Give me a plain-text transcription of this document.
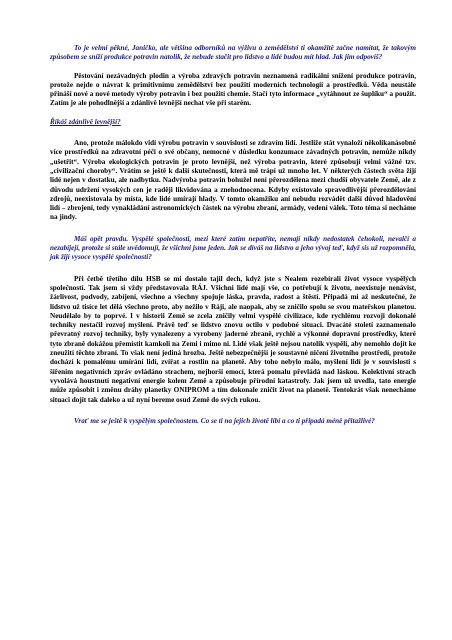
To je velmi pěkné, Janičko, ale většina odborníků na výživu a zemědělství ti okamžitě začne namítat, že takovým způsobem se sníží produkce potravin natolik, že nebude stačit pro lidstvo a lidé budou mít hlad. Jak jim odpovíš?

Pěstování nezávadných plodin a výroba zdravých potravin neznamená radikální snížení produkce potravin, protože nejde o návrat k primitivnímu zemědělství bez použití moderních technologií a prostředků. Věda neustále přináší nové a nové metody výroby potravin i bez použití chemie. Stačí tyto informace „vytáhnout ze šuplíku“ a použít. Zatím je ale pohodlnější a zdánlivě levnější nechat vše při starém.

Říkáš zdánlivě levnější?

Ano, protože málokdo vidí výrobu potravin v souvislosti se zdravím lidí. Jestliže stát vynaloží několikanásobně více prostředků na zdravotní péči o své občany, nemocné v důsledku konzumace závadných potravin, nemůže nikdy „ušetřit“. Výroba ekologických potravin je proto levnější, než výroba potravin, které způsobují velmi vážné tzv. „civilizační choroby“. Vrátím se ještě k další skutečnosti, která mě trápí už mnoho let. V některých částech světa žijí lidé nejen v dostatku, ale nadbytku. Nadvýroba potravin bohužel není přerozdělena mezi chudší obyvatele Země, ale z důvodu udržení vysokých cen je raději likvidována a znehodnocena. Kdyby existovalo spravedlivější přerozdělování zdrojů, neexistovala by místa, kde lidé umírají hlady. V tomto okamžiku ani nebudu rozvádět další důvod hladovění lidí – zbrojení, tedy vynakládání astronomických částek na výrobu zbraní, armády, vedení válek. Toto téma si necháme na jindy.

Máš opět pravdu. Vyspělé společnosti, mezi které zatím nepatříte, nemají nikdy nedostatek čehokoli, nevalčí a nezabíjejí, protože si stále uvědomují, že všichni jsme jeden. Jak se díváš na lidstvo a jeho vývoj teď, když sis už rozpomněla, jak žijí vysoce vyspělé společnosti?

Při četbě třetího dílu HSB se mi dostalo tajil dech, když jste s Nealem rozebírali život vysoce vyspělých společností. Tak jsem si vždy představovala RÁJ. Všichni lidé mají vše, co potřebují k životu, neexistuje nenávist, žárlivost, podvody, zabíjení, všechno a všechny spojuje láska, pravda, radost a štěstí. Připadá mi až neskutečné, že lidstvo už tisíce let dělá všechno proto, aby nežilo v Ráji, ale naopak, aby se zničilo spolu se svou mateřskou planetou. Neudělalo by to poprvé. I v historii Země se zcela zničily velmi vyspělé civilizace, kde rychlému rozvoji dokonalé techniky nestačil rozvoj myšlení. Právě teď se lidstvo znovu octilo v podobné situaci. Dvacáté století zaznamenalo převratný rozvoj techniky, byly vynalezeny a vyrobeny jaderné zbraně, rychlé a výkonné dopravní prostředky, které tyto zbraně dokážou přemístit kamkoli na Zemi i mimo ni. Lidé však ještě nejsou natolik vyspělí, aby nemohlo dojít ke zneužití těchto zbraní. To však není jediná hrozba. Ještě nebezpečnější je soustavné ničení životního prostředí, protože dochází k pomalému umírání lidí, zvířat a rostlin na planetě. Aby toho nebylo málo, myšlení lidí je v souvislosti s šířením negativních zpráv ovládáno strachem, nejhorší emocí, která pomalu převládá nad láskou. Kolektivní strach vyvolává houstnutí negativní energie kolem Země a způsobuje přírodní katastrofy. Jak jsem už uvedla, tato energie může způsobit i změnu dráhy planetky ONIPROM a tím dokonale zničit život na planetě. Tentokrát však nenecháme situaci dojít tak daleko a už nyní bereme osud Země do svých rukou.

Vrať me se ještě k vyspělým společnostem. Co se ti na jejich životě líbí a co ti připadá méně přitažlivé?
